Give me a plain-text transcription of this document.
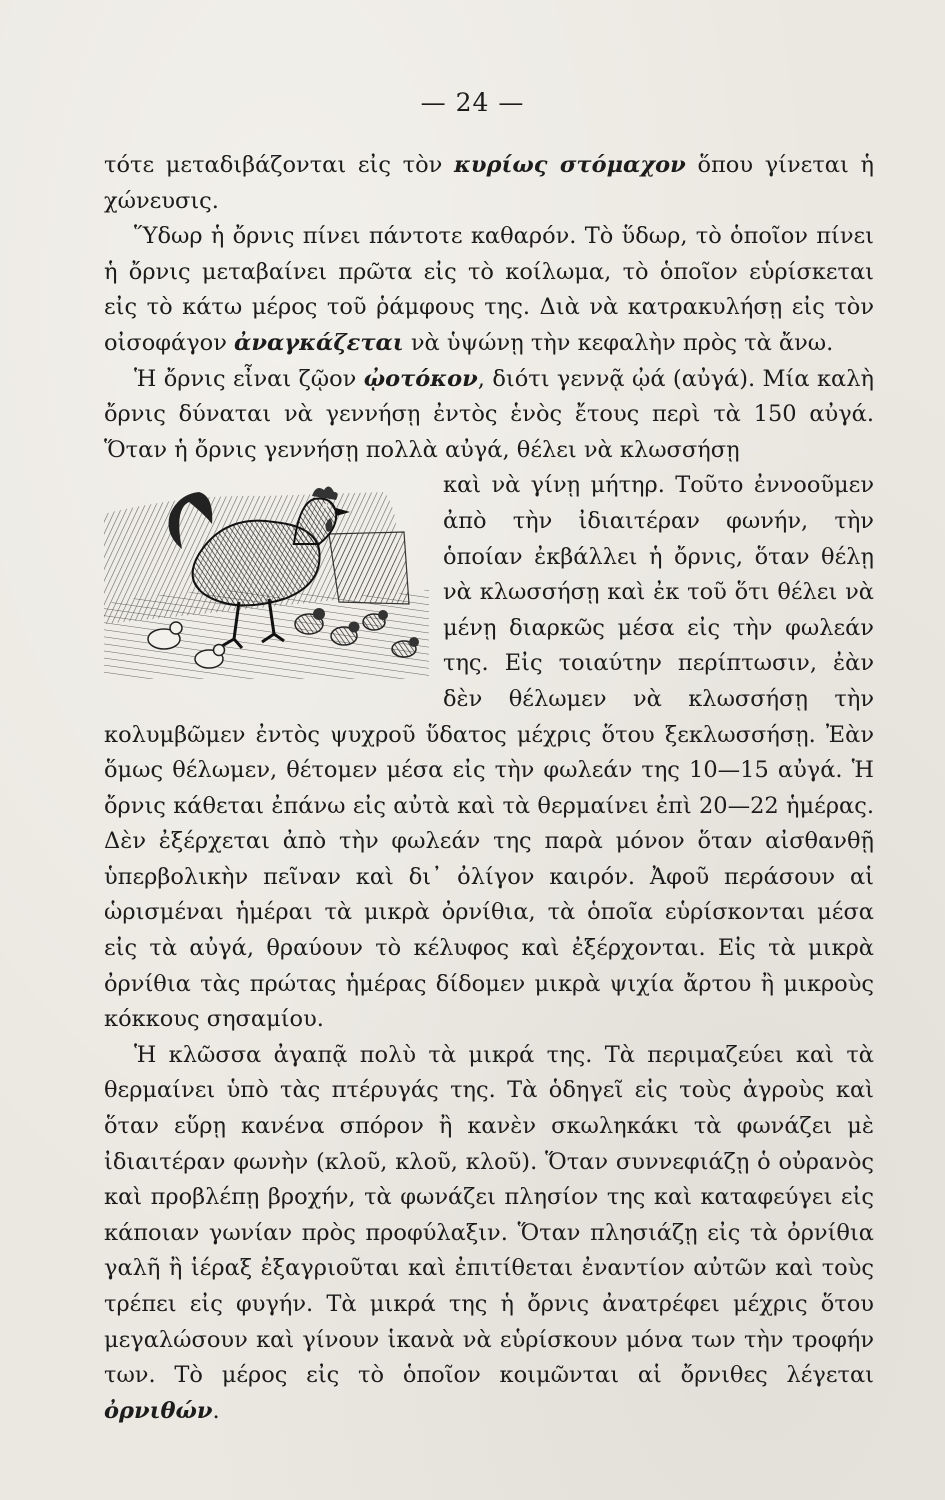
— 24 —

τότε μεταδιβάζονται εἰς τὸν κυρίως στόμαχον ὅπου γίνεται ἡ χώνευσις.

Ὕδωρ ἡ ὄρνις πίνει πάντοτε καθαρόν. Τὸ ὕδωρ, τὸ ὁποῖον πίνει ἡ ὄρνις μεταβαίνει πρῶτα εἰς τὸ κοίλωμα, τὸ ὁποῖον εὑρίσκεται εἰς τὸ κάτω μέρος τοῦ ῥάμφους της. Διὰ νὰ κατρακυλήσῃ εἰς τὸν οἰσοφάγον ἀναγκάζεται νὰ ὑψώνῃ τὴν κεφαλὴν πρὸς τὰ ἄνω.

Ἡ ὄρνις εἶναι ζῷον ᾠοτόκον, διότι γεννᾷ ᾠά (αὐγά). Μία καλὴ ὄρνις δύναται νὰ γεννήσῃ ἐντὸς ἑνὸς ἔτους περὶ τὰ 150 αὐγά. Ὅταν ἡ ὄρνις γεννήσῃ πολλὰ αὐγά, θέλει νὰ κλωσσήσῃ

καὶ νὰ γίνῃ μήτηρ. Τοῦτο ἐννοοῦμεν ἀπὸ τὴν ἰδιαιτέραν φωνήν, τὴν ὁποίαν ἐκβάλλει ἡ ὄρνις, ὅταν θέλῃ νὰ κλωσσήσῃ καὶ ἐκ τοῦ ὅτι θέλει νὰ μένῃ διαρκῶς μέσα εἰς τὴν φωλεάν της. Εἰς τοιαύτην περίπτωσιν, ἐὰν δὲν θέλωμεν νὰ κλωσσήσῃ τὴν κολυμβῶμεν ἐντὸς ψυχροῦ ὕδατος μέχρις ὅτου ξεκλωσσήσῃ. Ἐὰν ὅμως θέλωμεν, θέτομεν μέσα εἰς τὴν φωλεάν της 10—15 αὐγά. Ἡ ὄρνις κάθεται ἐπάνω εἰς αὐτὰ καὶ τὰ θερμαίνει ἐπὶ 20—22 ἡμέρας. Δὲν ἐξέρχεται ἀπὸ τὴν φωλεάν της παρὰ μόνον ὅταν αἰσθανθῇ ὑπερβολικὴν πεῖναν καὶ δι᾽ ὀλίγον καιρόν. Ἀφοῦ περάσουν αἱ ὡρισμέναι ἡμέραι τὰ μικρὰ ὀρνίθια, τὰ ὁποῖα εὑρίσκονται μέσα εἰς τὰ αὐγά, θραύουν τὸ κέλυφος καὶ ἐξέρχονται. Εἰς τὰ μικρὰ ὀρνίθια τὰς πρώτας ἡμέρας δίδομεν μικρὰ ψιχία ἄρτου ἢ μικροὺς κόκκους σησαμίου.

Ἡ κλῶσσα ἀγαπᾷ πολὺ τὰ μικρά της. Τὰ περιμαζεύει καὶ τὰ θερμαίνει ὑπὸ τὰς πτέρυγάς της. Τὰ ὁδηγεῖ εἰς τοὺς ἀγροὺς καὶ ὅταν εὕρῃ κανένα σπόρον ἢ κανὲν σκωληκάκι τὰ φωνάζει μὲ ἰδιαιτέραν φωνὴν (κλοῦ, κλοῦ, κλοῦ). Ὅταν συννεφιάζῃ ὁ οὐρανὸς καὶ προβλέπῃ βροχήν, τὰ φωνάζει πλησίον της καὶ καταφεύγει εἰς κάποιαν γωνίαν πρὸς προφύλαξιν. Ὅταν πλησιάζῃ εἰς τὰ ὀρνίθια γαλῆ ἢ ἱέραξ ἐξαγριοῦται καὶ ἐπιτίθεται ἐναντίον αὐτῶν καὶ τοὺς τρέπει εἰς φυγήν. Τὰ μικρά της ἡ ὄρνις ἀνατρέφει μέχρις ὅτου μεγαλώσουν καὶ γίνουν ἱκανὰ νὰ εὑρίσκουν μόνα των τὴν τροφήν των. Τὸ μέρος εἰς τὸ ὁποῖον κοιμῶνται αἱ ὄρνιθες λέγεται ὀρνιθών.
